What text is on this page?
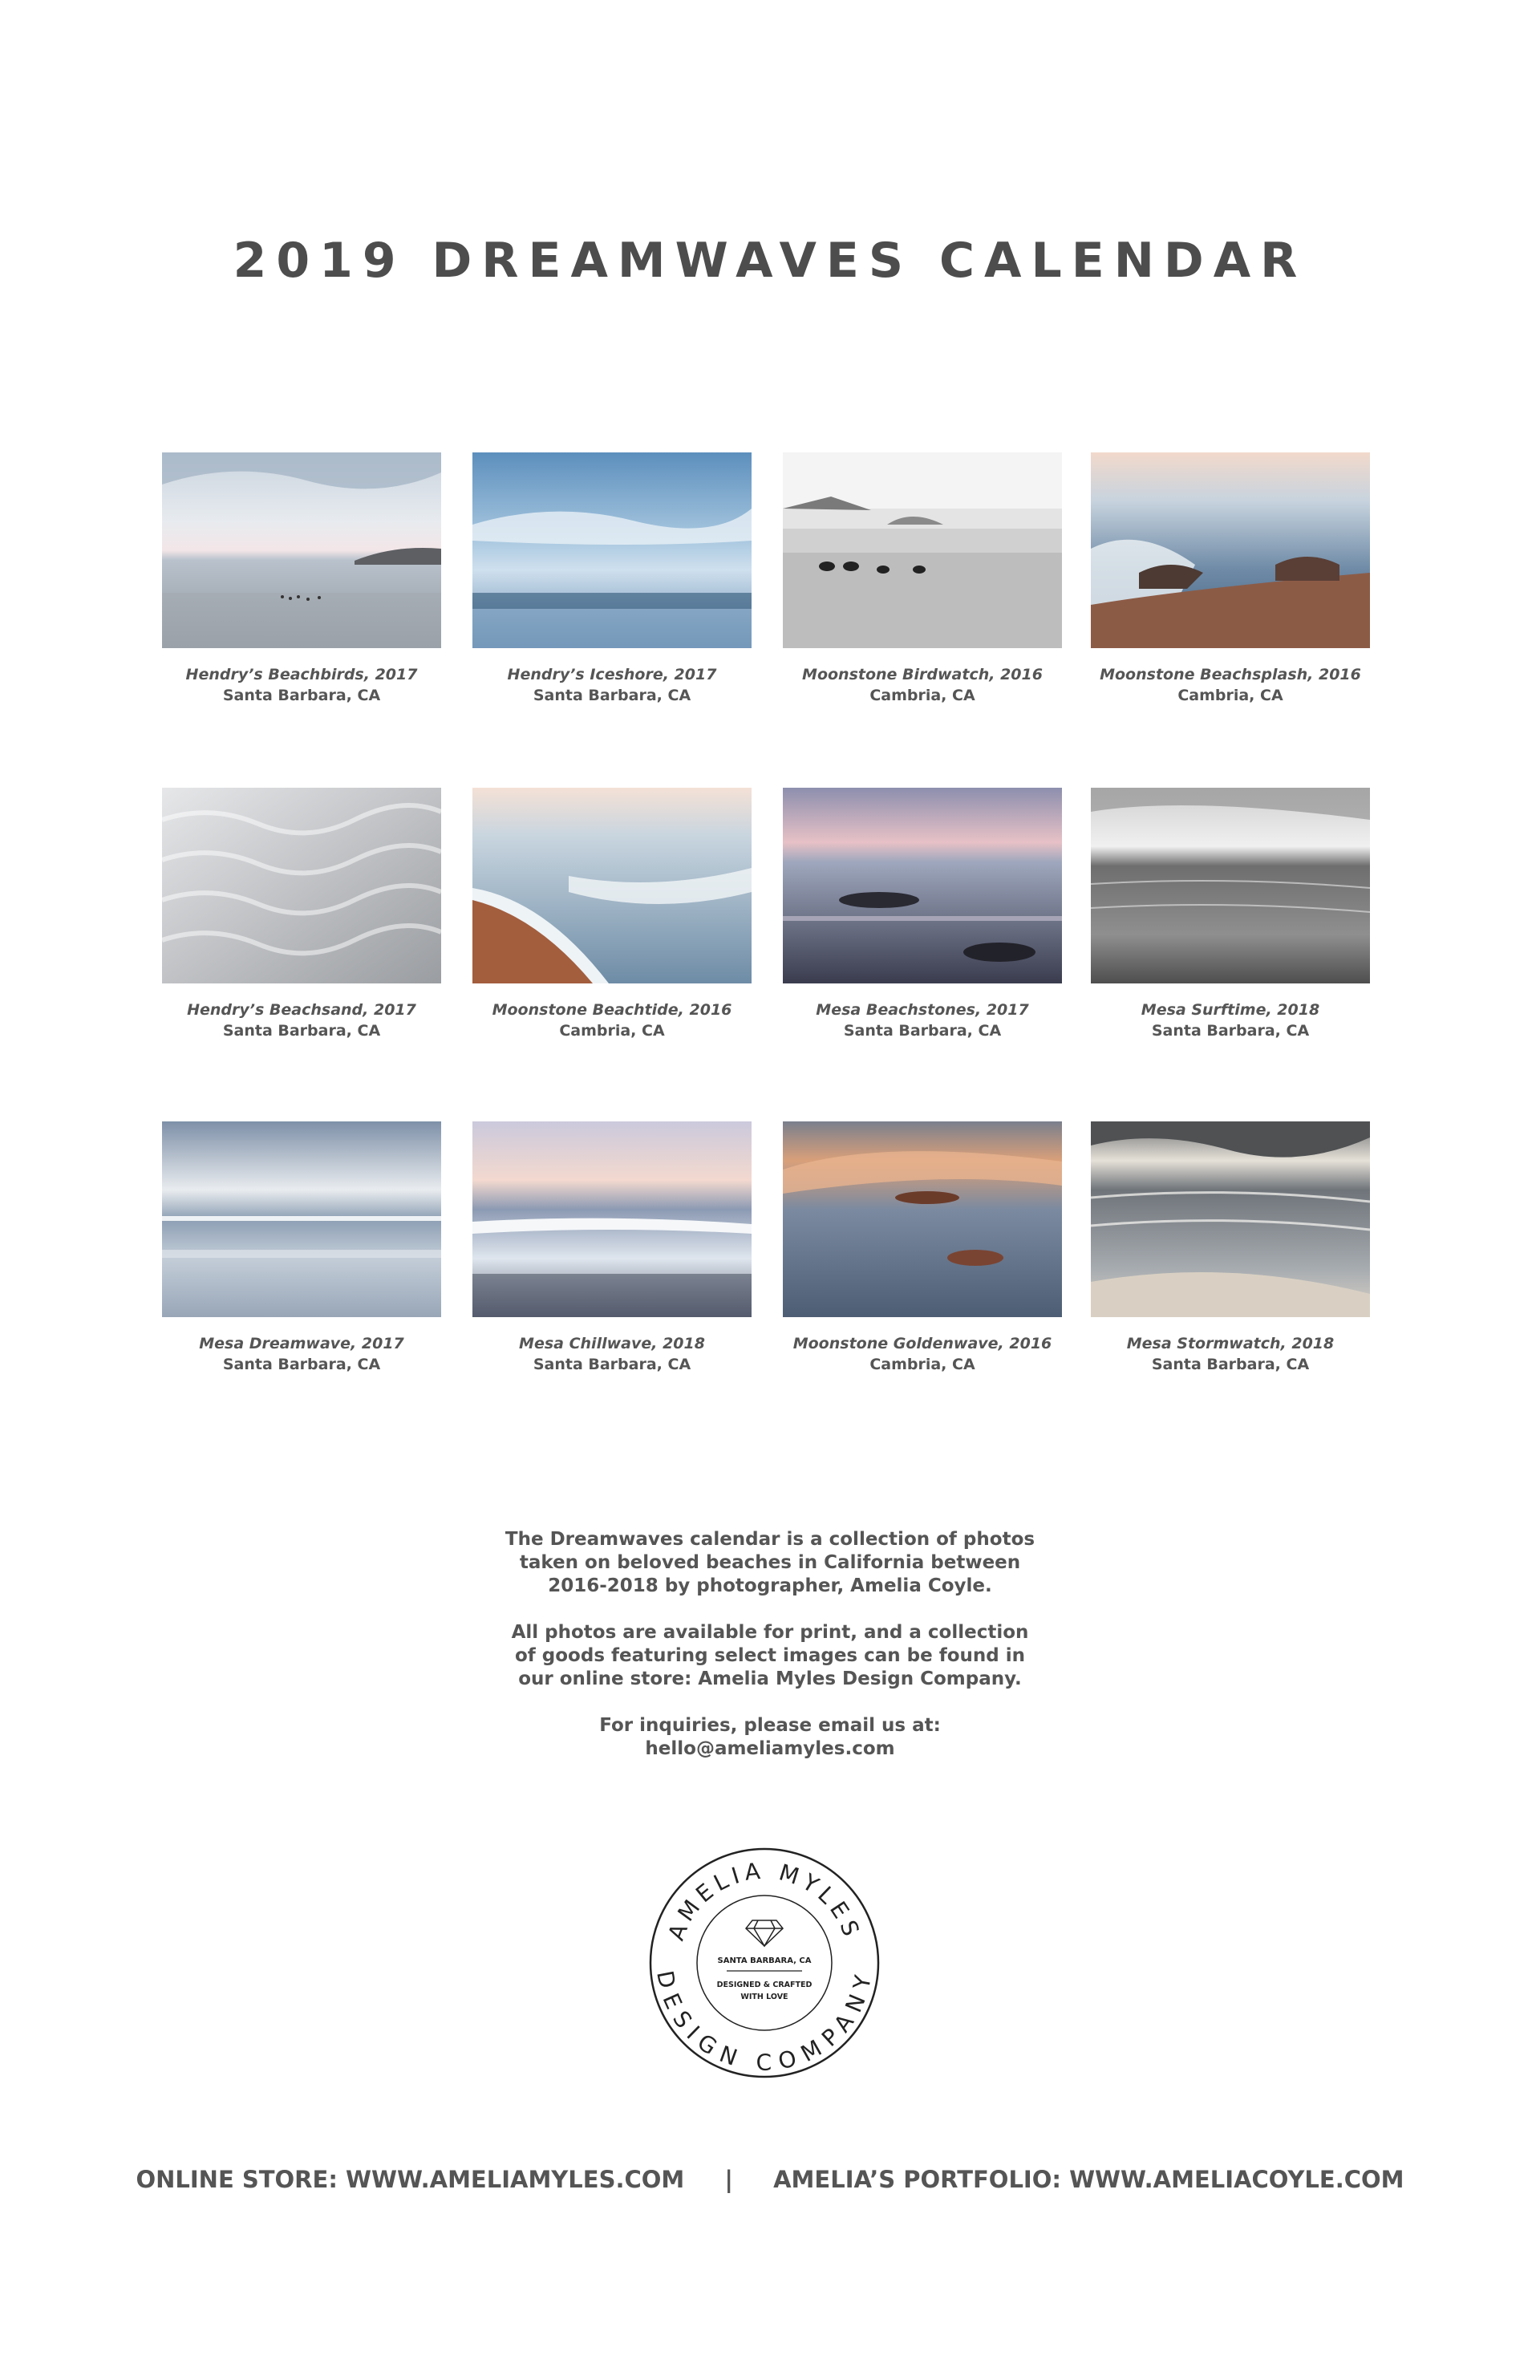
2019 DREAMWAVES CALENDAR
Hendry’s Beachbirds, 2017
Santa Barbara, CA
Hendry’s Iceshore, 2017
Santa Barbara, CA
Moonstone Birdwatch, 2016
Cambria, CA
Moonstone Beachsplash, 2016
Cambria, CA
Hendry’s Beachsand, 2017
Santa Barbara, CA
Moonstone Beachtide, 2016
Cambria, CA
Mesa Beachstones, 2017
Santa Barbara, CA
Mesa Surftime, 2018
Santa Barbara, CA
Mesa Dreamwave, 2017
Santa Barbara, CA
Mesa Chillwave, 2018
Santa Barbara, CA
Moonstone Goldenwave, 2016
Cambria, CA
Mesa Stormwatch, 2018
Santa Barbara, CA

The Dreamwaves calendar is a collection of photos
taken on beloved beaches in California between
2016-2018 by photographer, Amelia Coyle.

All photos are available for print, and a collection
of goods featuring select images can be found in
our online store: Amelia Myles Design Company.

For inquiries, please email us at:
hello@ameliamyles.com

AMELIA MYLES
DESIGN COMPANY
SANTA BARBARA, CA
DESIGNED & CRAFTED
WITH LOVE
ONLINE STORE: WWW.AMELIAMYLES.COM | AMELIA’S PORTFOLIO: WWW.AMELIACOYLE.COM
